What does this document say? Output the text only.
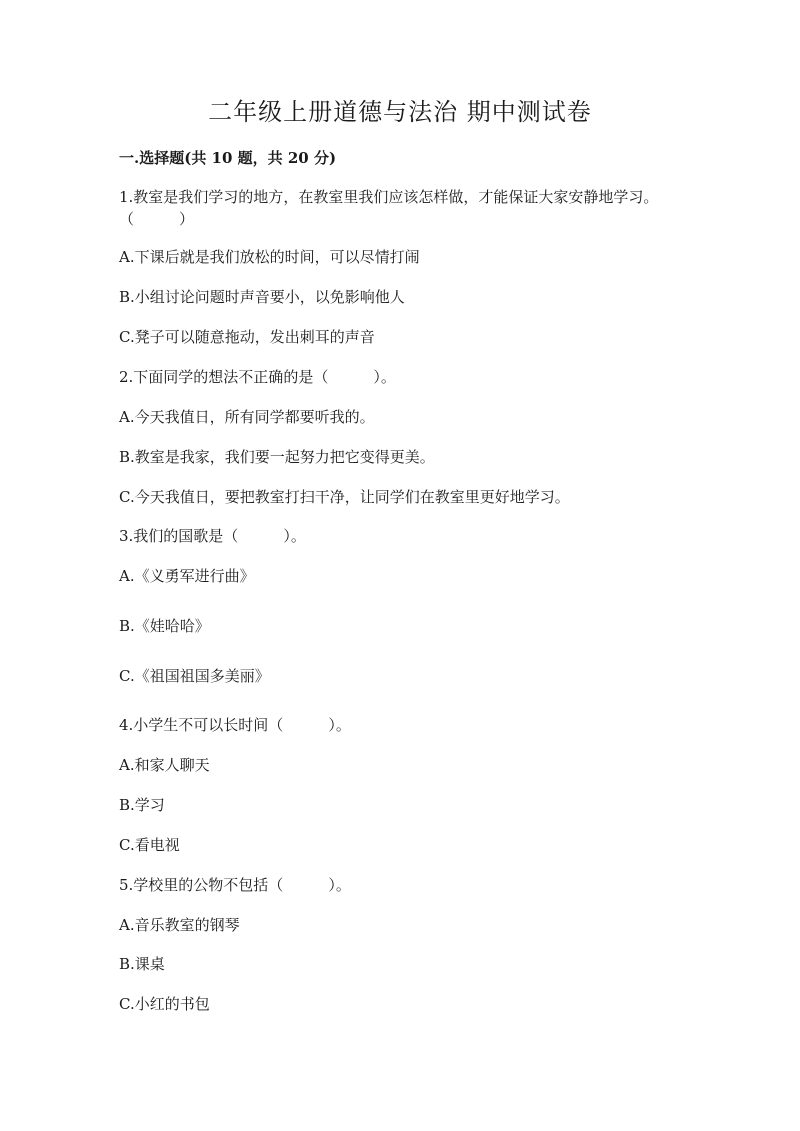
二年级上册道德与法治 期中测试卷
一.选择题(共 10 题，共 20 分)
1.教室是我们学习的地方，在教室里我们应该怎样做，才能保证大家安静地学习。（　　　）
A.下课后就是我们放松的时间，可以尽情打闹
B.小组讨论问题时声音要小，以免影响他人
C.凳子可以随意拖动，发出刺耳的声音
2.下面同学的想法不正确的是（　　　）。
A.今天我值日，所有同学都要听我的。
B.教室是我家，我们要一起努力把它变得更美。
C.今天我值日，要把教室打扫干净，让同学们在教室里更好地学习。
3.我们的国歌是（　　　）。
A.《义勇军进行曲》
B.《娃哈哈》
C.《祖国祖国多美丽》
4.小学生不可以长时间（　　　）。
A.和家人聊天
B.学习
C.看电视
5.学校里的公物不包括（　　　）。
A.音乐教室的钢琴
B.课桌
C.小红的书包
